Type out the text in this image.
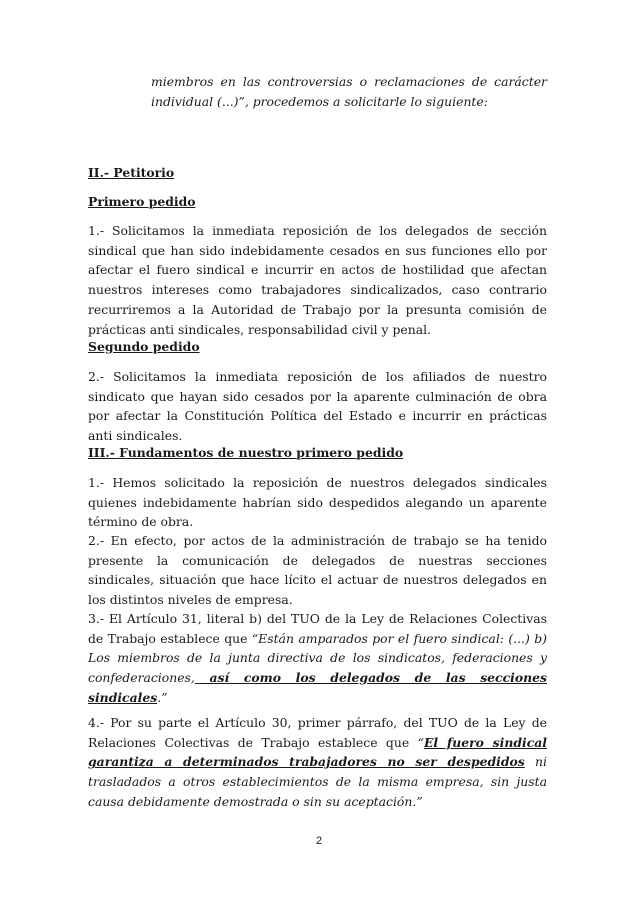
miembros en las controversias o reclamaciones de carácter individual (...)”, procedemos a solicitarle lo siguiente:
II.- Petitorio
Primero pedido
1.- Solicitamos la inmediata reposición de los delegados de sección sindical que han sido indebidamente cesados en sus funciones ello por afectar el fuero sindical e incurrir en actos de hostilidad que afectan nuestros intereses como trabajadores sindicalizados, caso contrario recurriremos a la Autoridad de Trabajo por la presunta comisión de prácticas anti sindicales, responsabilidad civil y penal.
Segundo pedido
2.- Solicitamos la inmediata reposición de los afiliados de nuestro sindicato que hayan sido cesados por la aparente culminación de obra por afectar la Constitución Política del Estado e incurrir en prácticas anti sindicales.
III.- Fundamentos de nuestro primero pedido
1.- Hemos solicitado la reposición de nuestros delegados sindicales quienes indebidamente habrían sido despedidos alegando un aparente término de obra.
2.- En efecto, por actos de la administración de trabajo se ha tenido presente la comunicación de delegados de nuestras secciones sindicales, situación que hace lícito el actuar de nuestros delegados en los distintos niveles de empresa.
3.- El Artículo 31, literal b) del TUO de la Ley de Relaciones Colectivas de Trabajo establece que “Están amparados por el fuero sindical: (...) b) Los miembros de la junta directiva de los sindicatos, federaciones y confederaciones, así como los delegados de las secciones sindicales.”
4.- Por su parte el Artículo 30, primer párrafo, del TUO de la Ley de Relaciones Colectivas de Trabajo establece que “El fuero sindical garantiza a determinados trabajadores no ser despedidos ni trasladados a otros establecimientos de la misma empresa, sin justa causa debidamente demostrada o sin su aceptación.”
2
